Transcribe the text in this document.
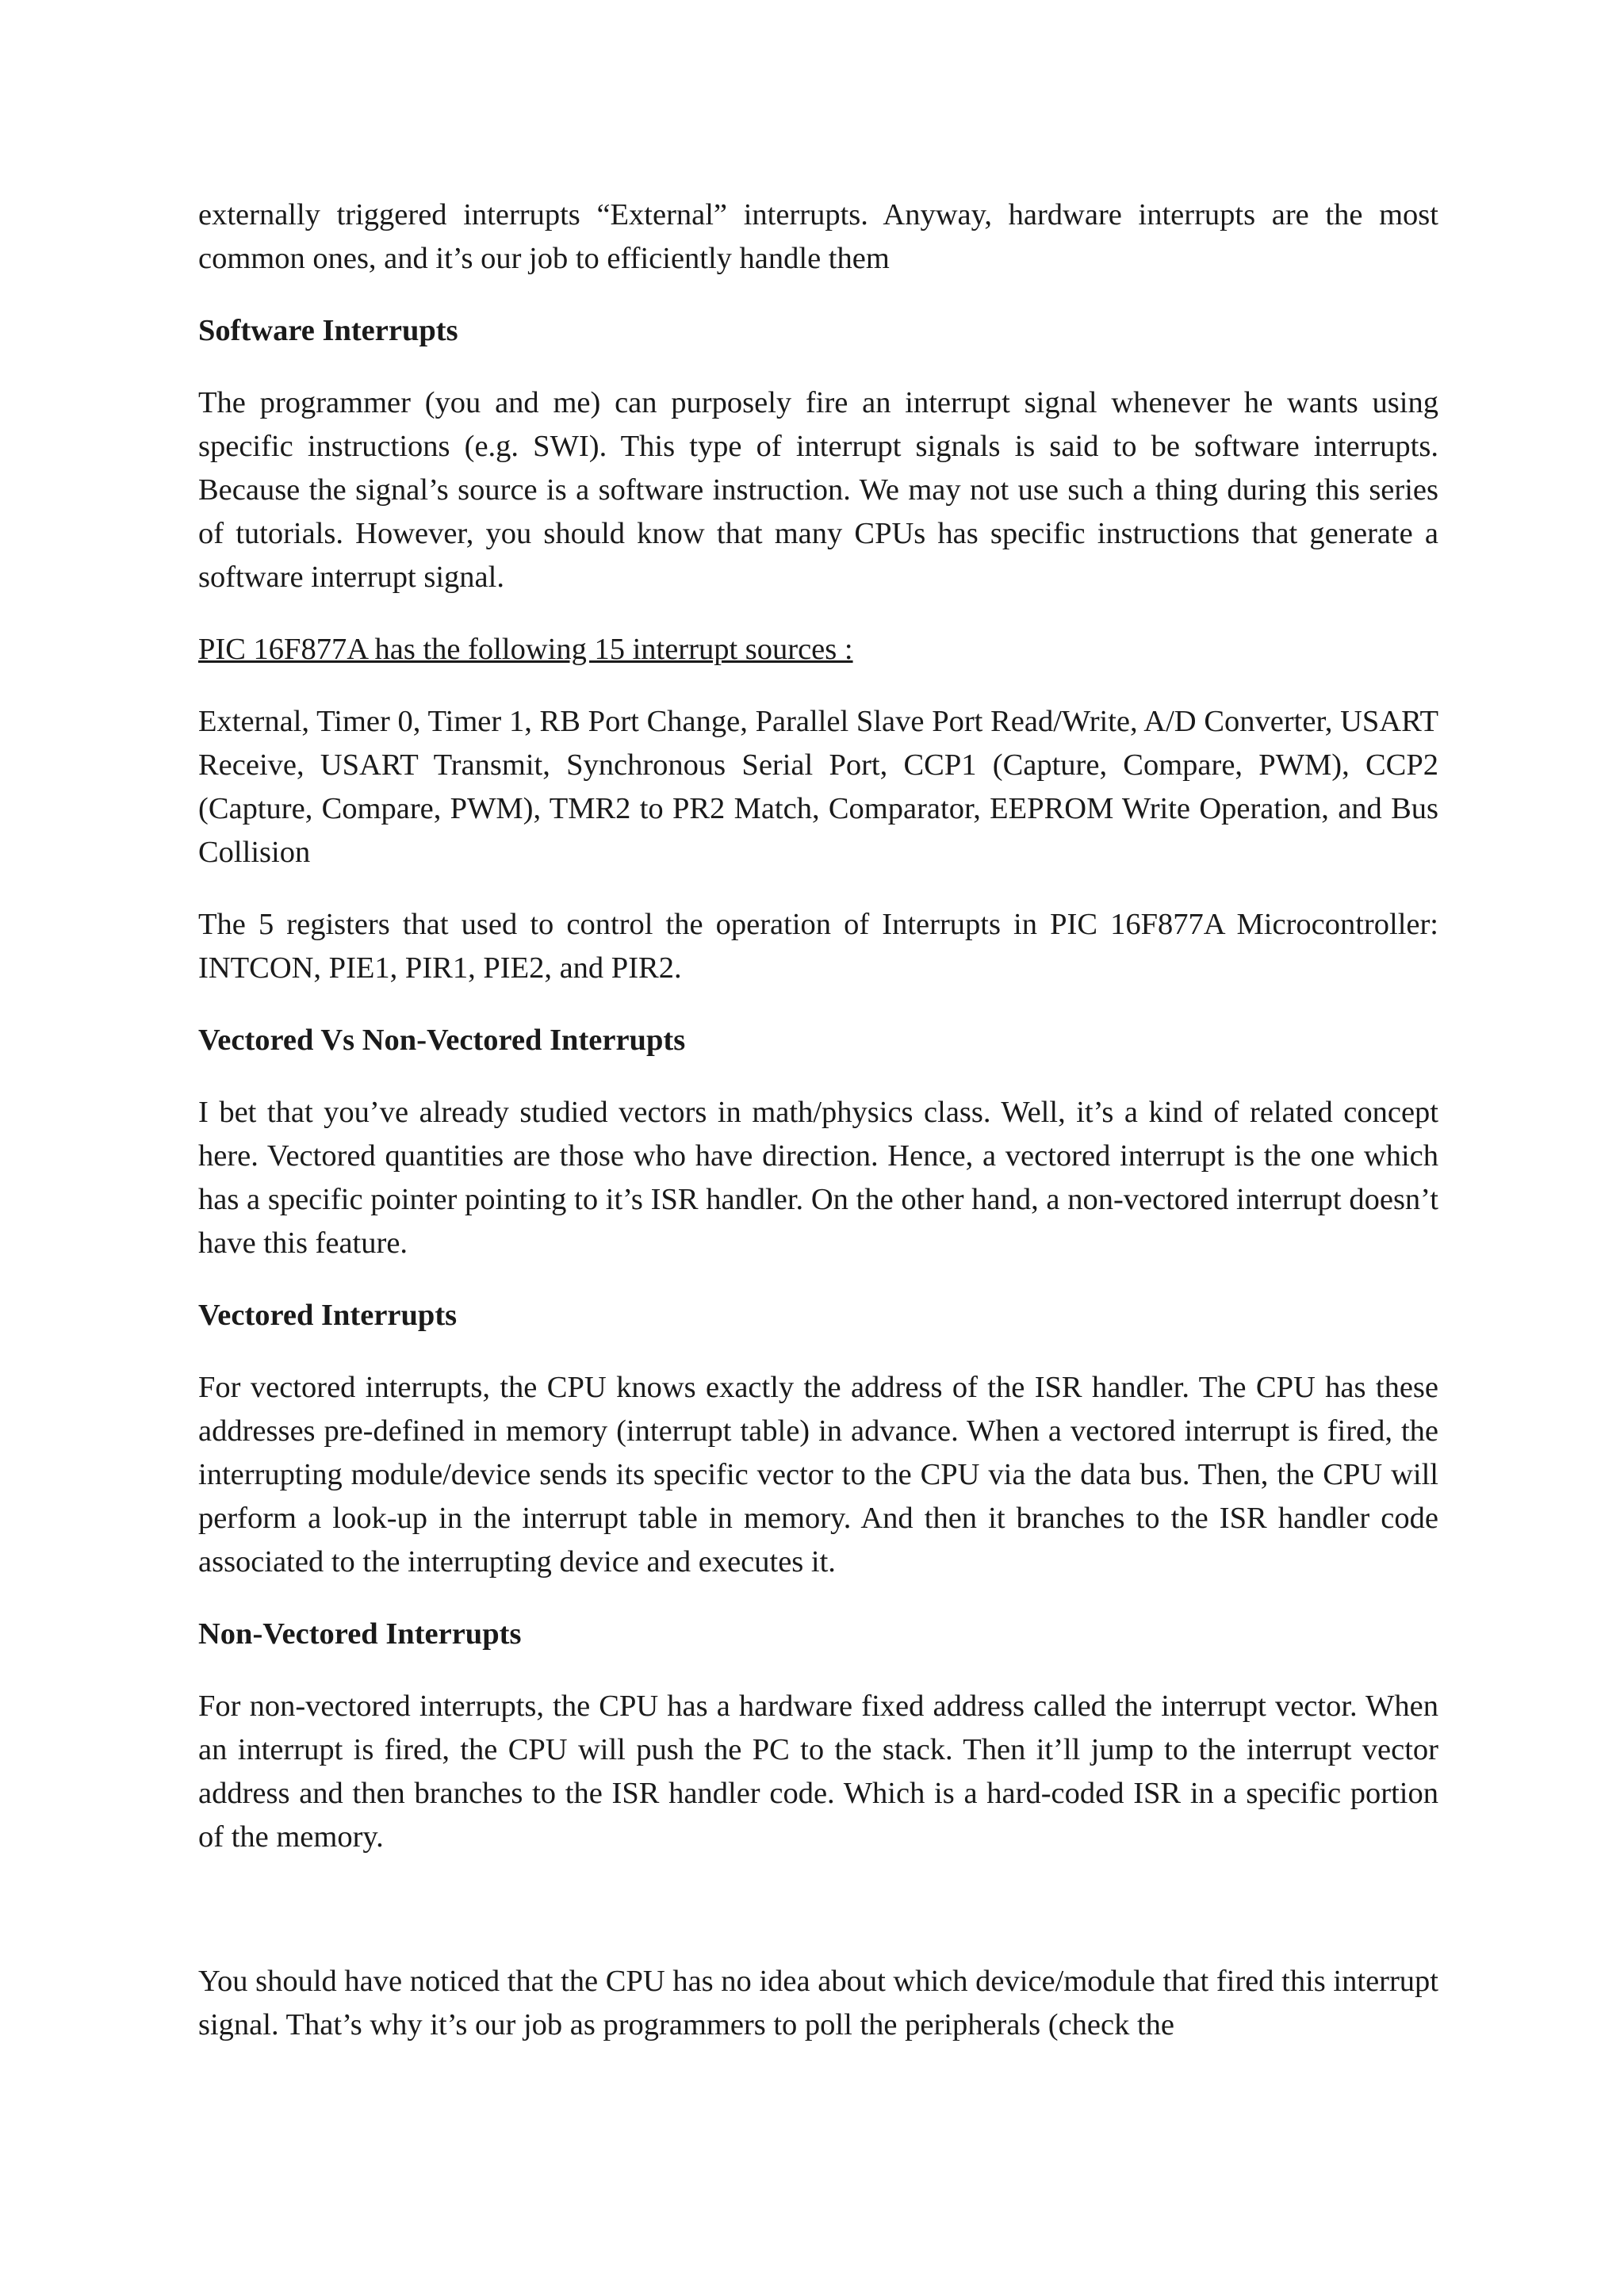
externally triggered interrupts “External” interrupts. Anyway, hardware interrupts are the most common ones, and it’s our job to efficiently handle them

Software Interrupts

The programmer (you and me) can purposely fire an interrupt signal whenever he wants using specific instructions (e.g. SWI). This type of interrupt signals is said to be software interrupts. Because the signal’s source is a software instruction. We may not use such a thing during this series of tutorials. However, you should know that many CPUs has specific instructions that generate a software interrupt signal.

PIC 16F877A has the following 15 interrupt sources :

External, Timer 0, Timer 1, RB Port Change, Parallel Slave Port Read/Write, A/D Converter, USART Receive, USART Transmit, Synchronous Serial Port, CCP1 (Capture, Compare, PWM), CCP2 (Capture, Compare, PWM), TMR2 to PR2 Match, Comparator, EEPROM Write Operation, and Bus Collision

The 5 registers that used to control the operation of Interrupts in PIC 16F877A Microcontroller: INTCON, PIE1, PIR1, PIE2, and PIR2.

Vectored Vs Non-Vectored Interrupts

I bet that you’ve already studied vectors in math/physics class. Well, it’s a kind of related concept here. Vectored quantities are those who have direction. Hence, a vectored interrupt is the one which has a specific pointer pointing to it’s ISR handler. On the other hand, a non-vectored interrupt doesn’t have this feature.

Vectored Interrupts

For vectored interrupts, the CPU knows exactly the address of the ISR handler. The CPU has these addresses pre-defined in memory (interrupt table) in advance. When a vectored interrupt is fired, the interrupting module/device sends its specific vector to the CPU via the data bus. Then, the CPU will perform a look-up in the interrupt table in memory. And then it branches to the ISR handler code associated to the interrupting device and executes it.

Non-Vectored Interrupts

For non-vectored interrupts, the CPU has a hardware fixed address called the interrupt vector. When an interrupt is fired, the CPU will push the PC to the stack. Then it’ll jump to the interrupt vector address and then branches to the ISR handler code. Which is a hard-coded ISR in a specific portion of the memory.

You should have noticed that the CPU has no idea about which device/module that fired this interrupt signal. That’s why it’s our job as programmers to poll the peripherals (check the
